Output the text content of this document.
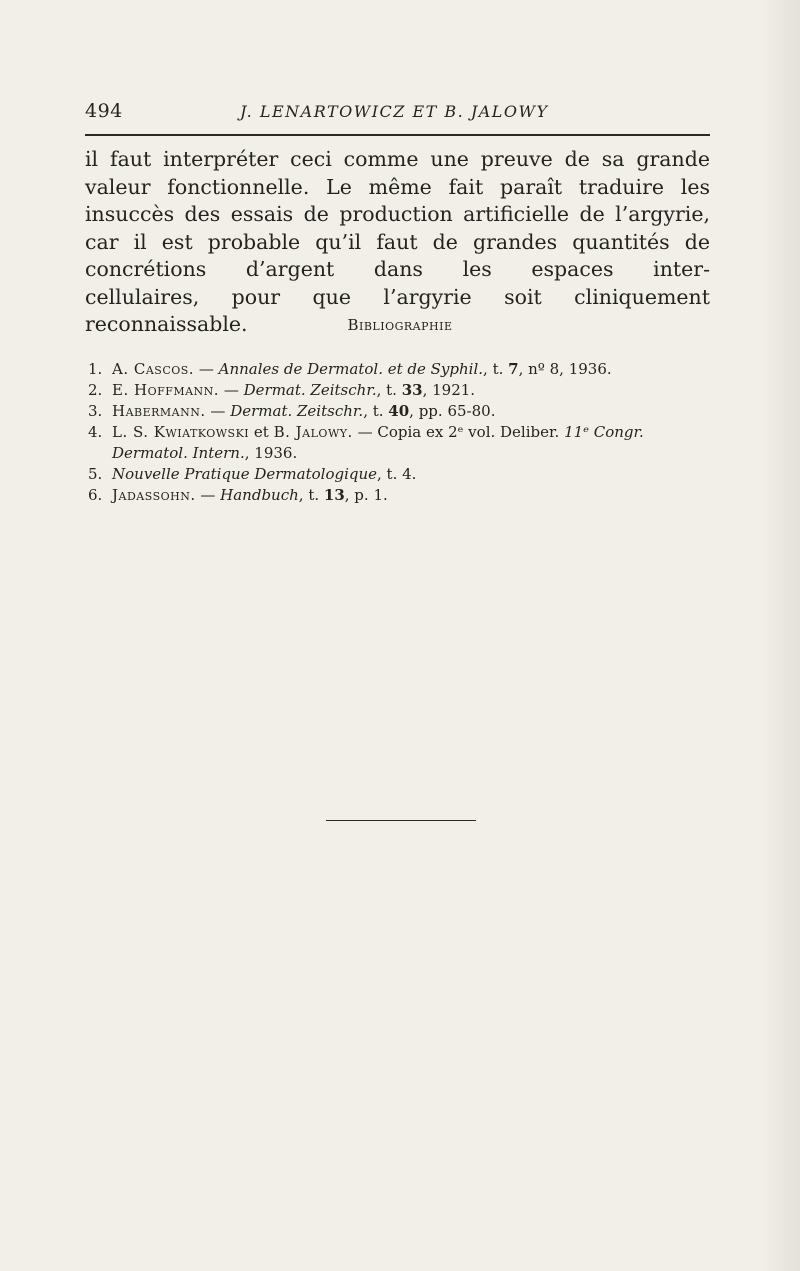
494	J. LENARTOWICZ ET B. JALOWY

il faut interpréter ceci comme une preuve de sa grande valeur fonctionnelle. Le même fait paraît traduire les insuccès des essais de production artificielle de l’argyrie, car il est probable qu’il faut de grandes quantités de concrétions d’argent dans les espaces inter-

cellulaires, pour que l’argyrie soit cliniquement reconnaissable.	Bibliographie
1. A. Cascos. — Annales de Dermatol. et de Syphil., t. 7, nº 8, 1936.
2. E. Hoffmann. — Dermat. Zeitschr., t. 33, 1921.
3. Habermann. — Dermat. Zeitschr., t. 40, pp. 65-80.
4. L. S. Kwiatkowski et B. Jalowy. — Copia ex 2ᵉ vol. Deliber. 11ᵉ Congr.
Dermatol. Intern., 1936.
5. Nouvelle Pratique Dermatologique, t. 4.
6. Jadassohn. — Handbuch, t. 13, p. 1.
